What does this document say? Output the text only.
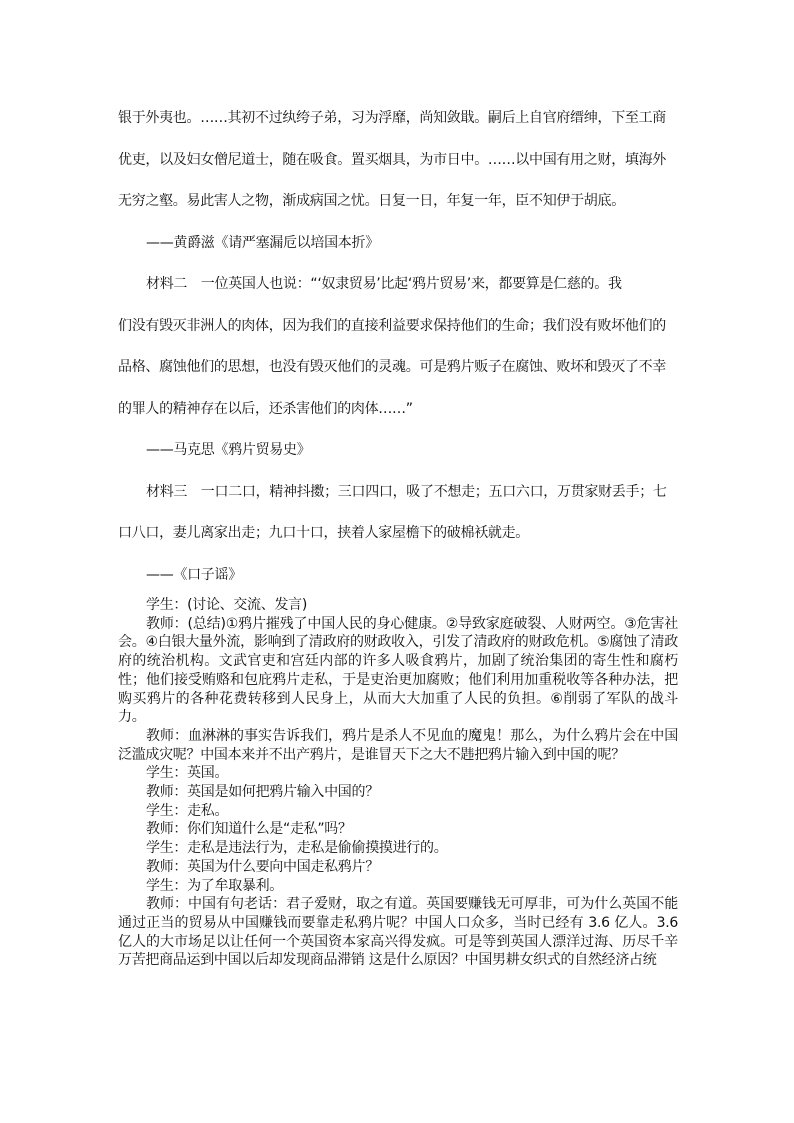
银于外夷也。……其初不过纨绔子弟，习为浮靡，尚知敛戢。嗣后上自官府缙绅，下至工商

优吏，以及妇女僧尼道士，随在吸食。置买烟具，为市日中。……以中国有用之财，填海外

无穷之壑。易此害人之物，渐成病国之忧。日复一日，年复一年，臣不知伊于胡底。

——黄爵滋《请严塞漏卮以培国本折》

材料二　一位英国人也说：“‘奴隶贸易’比起‘鸦片贸易’来，都要算是仁慈的。我

们没有毁灭非洲人的肉体，因为我们的直接利益要求保持他们的生命；我们没有败坏他们的

品格、腐蚀他们的思想，也没有毁灭他们的灵魂。可是鸦片贩子在腐蚀、败坏和毁灭了不幸

的罪人的精神存在以后，还杀害他们的肉体……”

——马克思《鸦片贸易史》

材料三　一口二口，精神抖擞；三口四口，吸了不想走；五口六口，万贯家财丢手；七

口八口，妻儿离家出走；九口十口，挟着人家屋檐下的破棉袄就走。

——《口子谣》

学生：(讨论、交流、发言)

教师：(总结)①鸦片摧残了中国人民的身心健康。②导致家庭破裂、人财两空。③危害社会。④白银大量外流，影响到了清政府的财政收入，引发了清政府的财政危机。⑤腐蚀了清政府的统治机构。文武官吏和宫廷内部的许多人吸食鸦片，加剧了统治集团的寄生性和腐朽性；他们接受贿赂和包庇鸦片走私，于是吏治更加腐败；他们利用加重税收等各种办法，把购买鸦片的各种花费转移到人民身上，从而大大加重了人民的负担。⑥削弱了军队的战斗力。

教师：血淋淋的事实告诉我们，鸦片是杀人不见血的魔鬼！那么，为什么鸦片会在中国泛滥成灾呢？中国本来并不出产鸦片，是谁冒天下之大不韪把鸦片输入到中国的呢？

学生：英国。

教师：英国是如何把鸦片输入中国的？

学生：走私。

教师：你们知道什么是“走私”吗？

学生：走私是违法行为，走私是偷偷摸摸进行的。

教师：英国为什么要向中国走私鸦片？

学生：为了牟取暴利。

教师：中国有句老话：君子爱财，取之有道。英国要赚钱无可厚非，可为什么英国不能通过正当的贸易从中国赚钱而要靠走私鸦片呢？中国人口众多，当时已经有 3.6 亿人。3.6 亿人的大市场足以让任何一个英国资本家高兴得发疯。可是等到英国人漂洋过海、历尽千辛万苦把商品运到中国以后却发现商品滞销 这是什么原因？中国男耕女织式的自然经济占统
